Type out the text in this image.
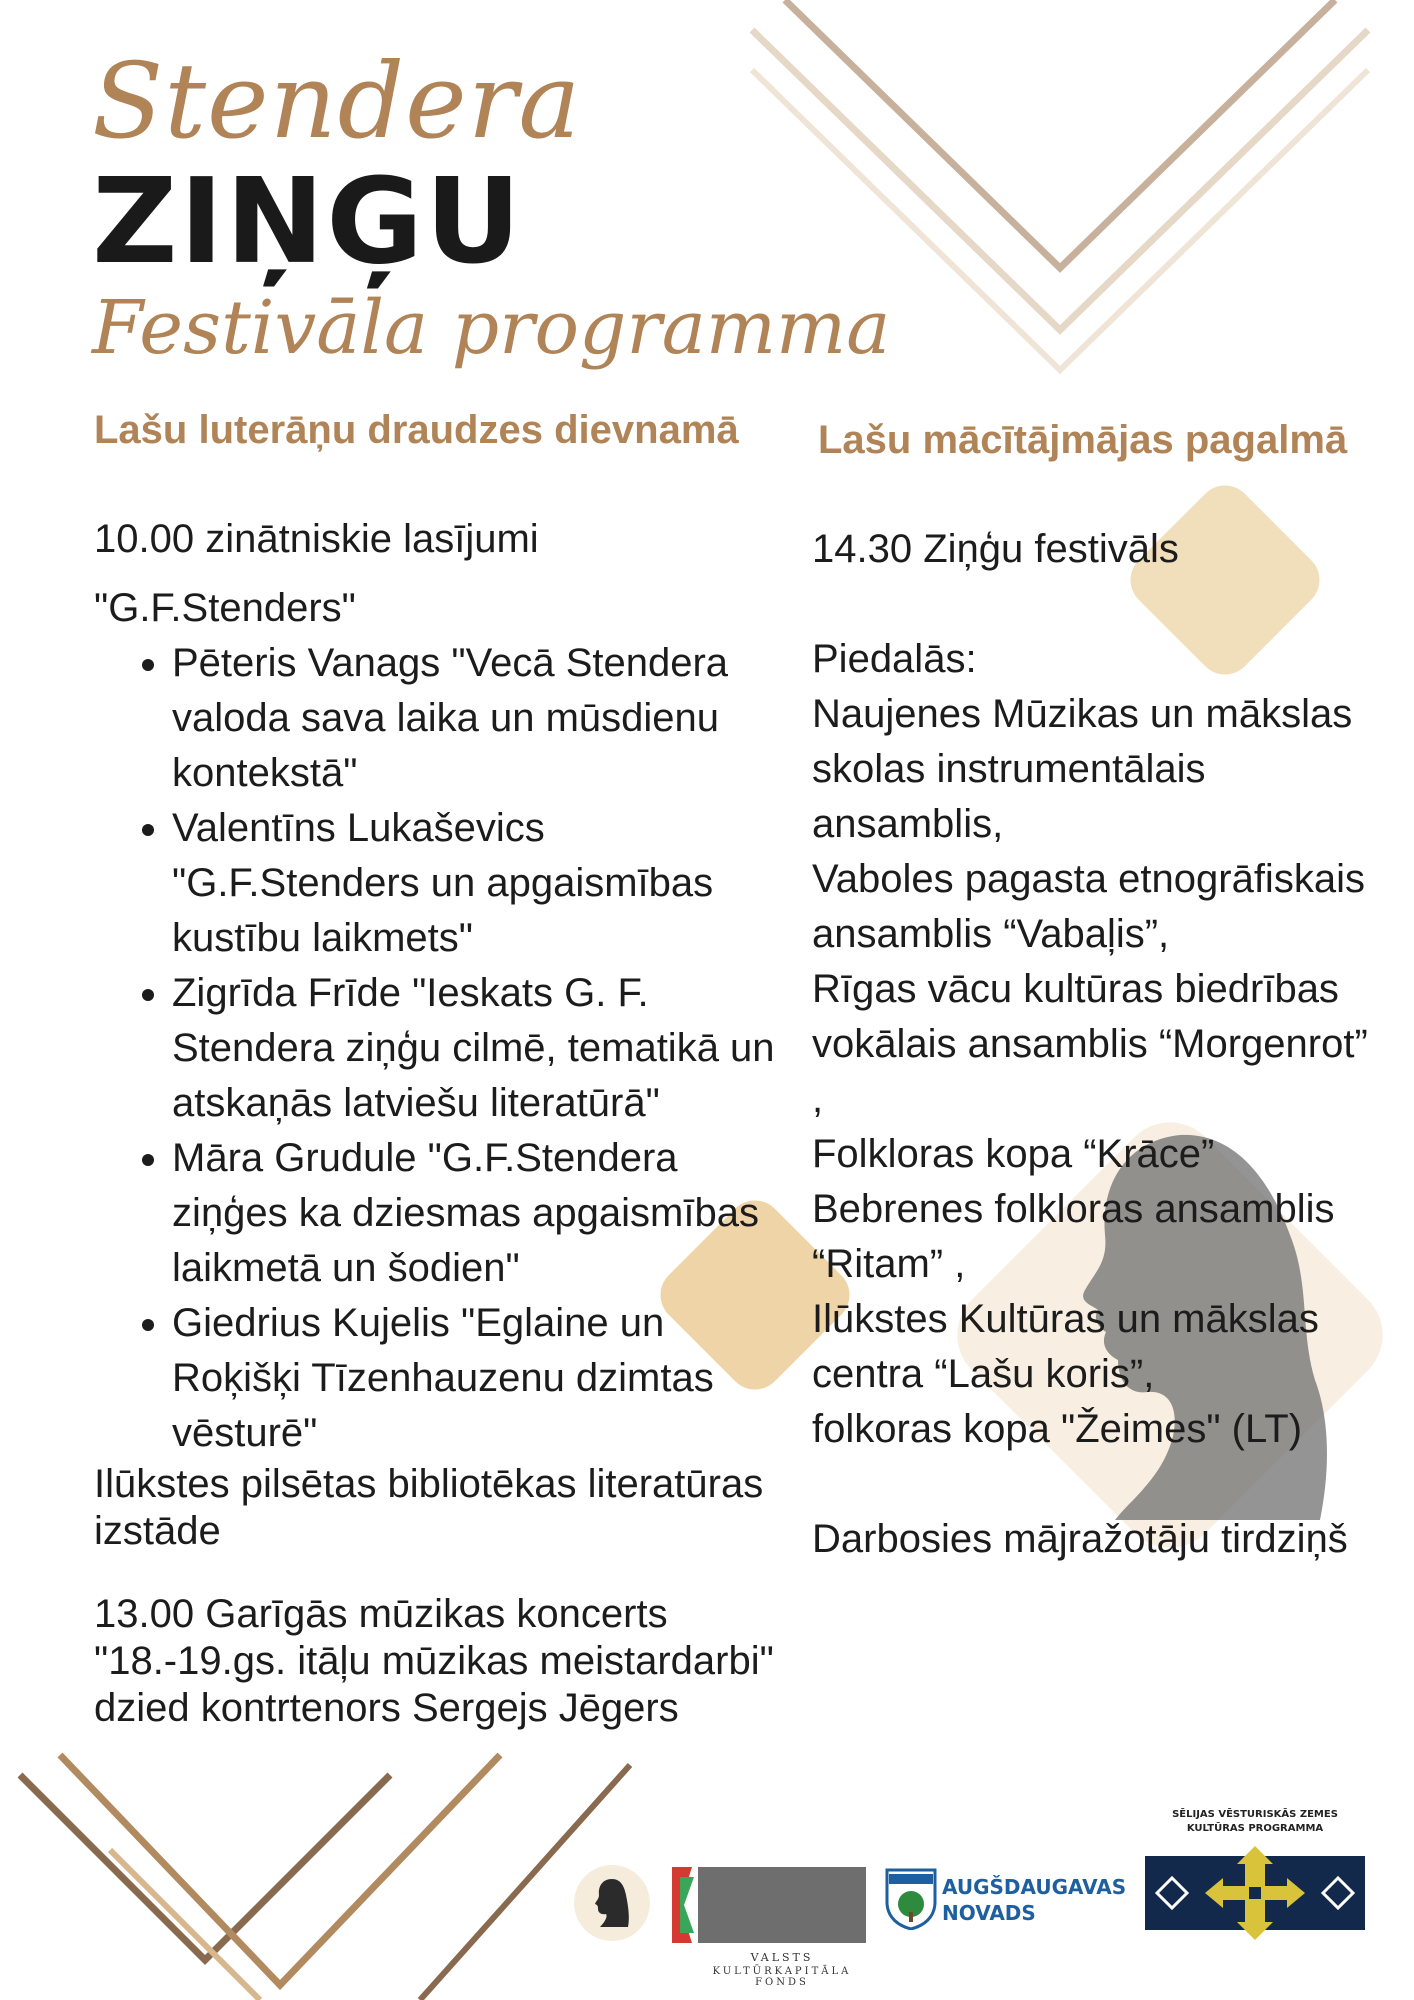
Stendera
ZIŅĢU
Festivāla programma
Lašu luterāņu draudzes dievnamā Lašu mācītājmājas pagalmā

10.00 zinātniskie lasījumi

"G.F.Stenders"

• Pēteris Vanags "Vecā Stendera valoda sava laika un mūsdienu kontekstā"
• Valentīns Lukaševics "G.F.Stenders un apgaismības kustību laikmets"
• Zigrīda Frīde "Ieskats G. F. Stendera ziņģu cilmē, tematikā un atskaņās latviešu literatūrā"
• Māra Grudule "G.F.Stendera ziņģes ka dziesmas apgaismības laikmetā un šodien"
• Giedrius Kujelis "Eglaine un Roķišķi Tīzenhauzenu dzimtas vēsturē"

Ilūkstes pilsētas bibliotēkas literatūras izstāde

13.00 Garīgās mūzikas koncerts "18.-19.gs. itāļu mūzikas meistardarbi" dzied kontrtenors Sergejs Jēgers

14.30 Ziņģu festivāls

Piedalās:

Naujenes Mūzikas un mākslas skolas instrumentālais ansamblis,

Vaboles pagasta etnogrāfiskais ansamblis “Vabaļis”,

Rīgas vācu kultūras biedrības vokālais ansamblis “Morgenrot” ,

Folkloras kopa “Krāce”

Bebrenes folkloras ansamblis “Ritam” ,

Ilūkstes Kultūras un mākslas centra “Lašu koris”,

folkoras kopa "Žeimes" (LT)

Darbosies mājražotāju tirdziņš

VALSTS
KULTŪRKAPITĀLA FONDS
AUGŠDAUGAVAS
NOVADS
SĒLIJAS VĒSTURISKĀS ZEMES
KULTŪRAS PROGRAMMA
